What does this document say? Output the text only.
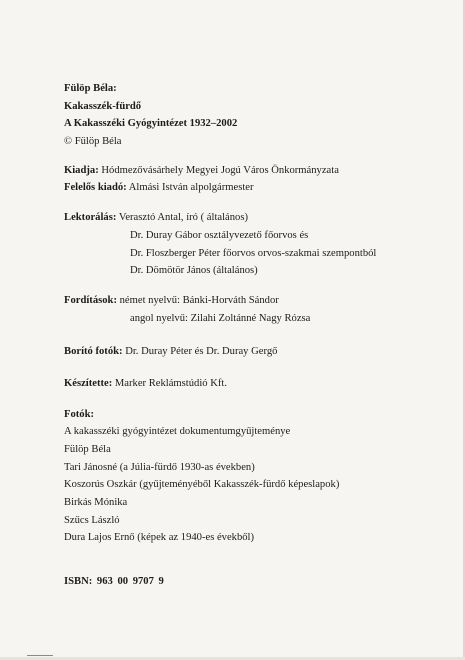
Fülöp Béla:
Kakasszék-fürdő
A Kakasszéki Gyógyintézet 1932–2002
© Fülöp Béla
Kiadja: Hódmezővásárhely Megyei Jogú Város Önkormányzata
Felelős kiadó: Almási István alpolgármester
Lektorálás: Verasztó Antal, író ( általános)
Dr. Duray Gábor osztályvezető főorvos és
Dr. Floszberger Péter főorvos orvos-szakmai szempontból
Dr. Dömötör János (általános)
Fordítások: német nyelvű: Bánki-Horváth Sándor
angol nyelvű: Zilahi Zoltánné Nagy Rózsa
Borító fotók: Dr. Duray Péter és Dr. Duray Gergő
Készítette: Marker Reklámstúdió Kft.
Fotók:
A kakasszéki gyógyintézet dokumentumgyűjteménye
Fülöp Béla
Tari Jánosné (a Júlia-fürdő 1930-as években)
Koszorús Oszkár (gyűjteményéből Kakasszék-fürdő képeslapok)
Birkás Mónika
Szűcs László
Dura Lajos Ernő (képek az 1940-es évekből)
ISBN: 963 00 9707 9
